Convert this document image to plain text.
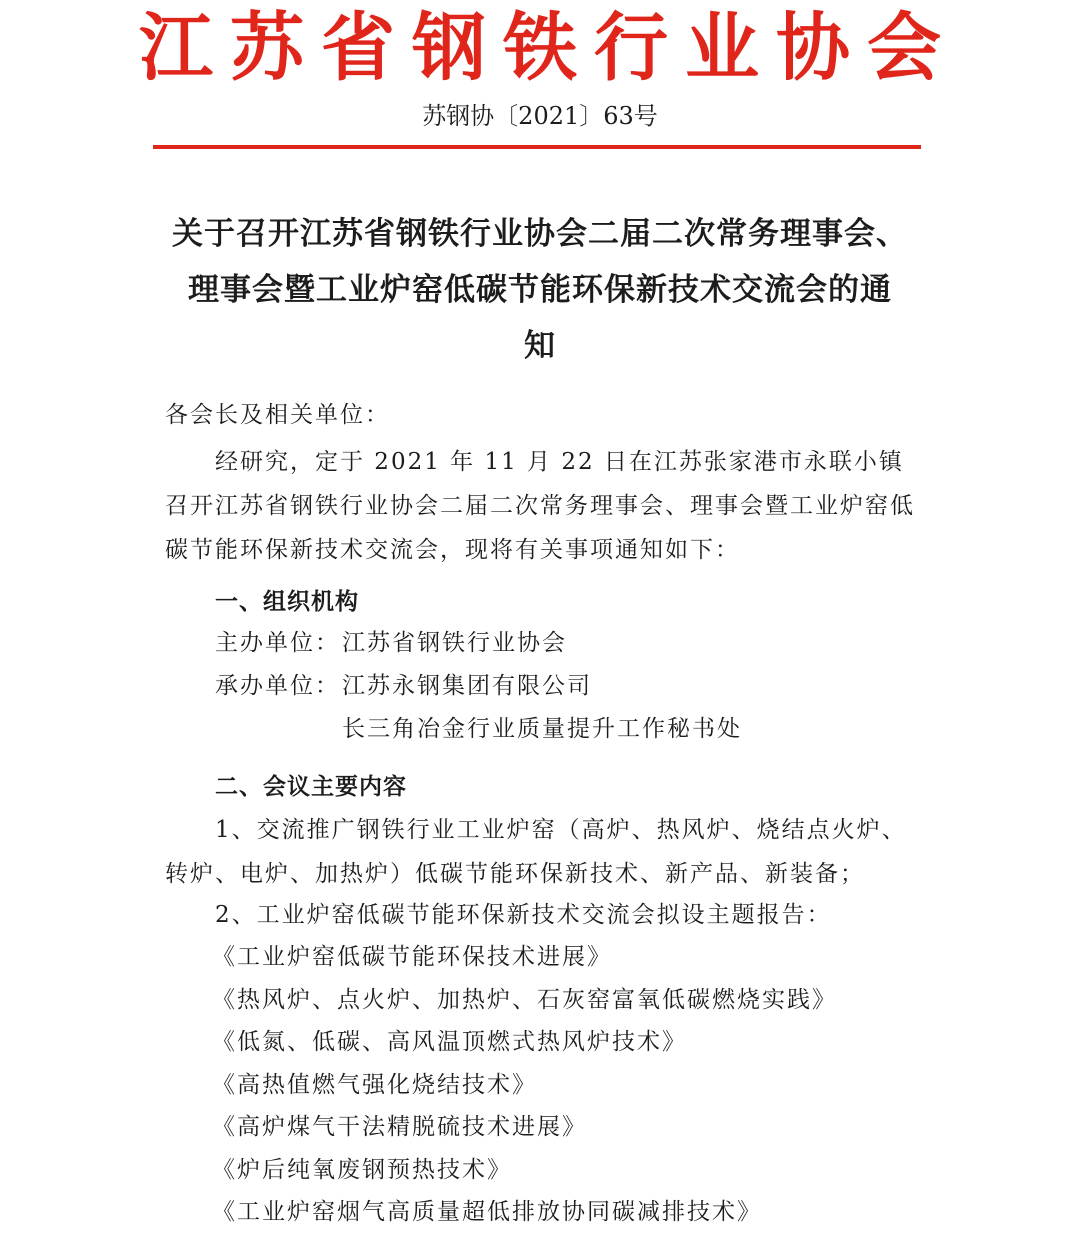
江苏省钢铁行业协会
苏钢协〔2021〕63号
关于召开江苏省钢铁行业协会二届二次常务理事会、
理事会暨工业炉窑低碳节能环保新技术交流会的通
知
各会长及相关单位：
经研究，定于 2021 年 11 月 22 日在江苏张家港市永联小镇召开江苏省钢铁行业协会二届二次常务理事会、理事会暨工业炉窑低碳节能环保新技术交流会，现将有关事项通知如下：
一、组织机构
主办单位：江苏省钢铁行业协会
承办单位：江苏永钢集团有限公司
长三角冶金行业质量提升工作秘书处
二、会议主要内容
1、交流推广钢铁行业工业炉窑（高炉、热风炉、烧结点火炉、转炉、电炉、加热炉）低碳节能环保新技术、新产品、新装备；
2、工业炉窑低碳节能环保新技术交流会拟设主题报告：
《工业炉窑低碳节能环保技术进展》
《热风炉、点火炉、加热炉、石灰窑富氧低碳燃烧实践》
《低氮、低碳、高风温顶燃式热风炉技术》
《高热值燃气强化烧结技术》
《高炉煤气干法精脱硫技术进展》
《炉后纯氧废钢预热技术》
《工业炉窑烟气高质量超低排放协同碳减排技术》
